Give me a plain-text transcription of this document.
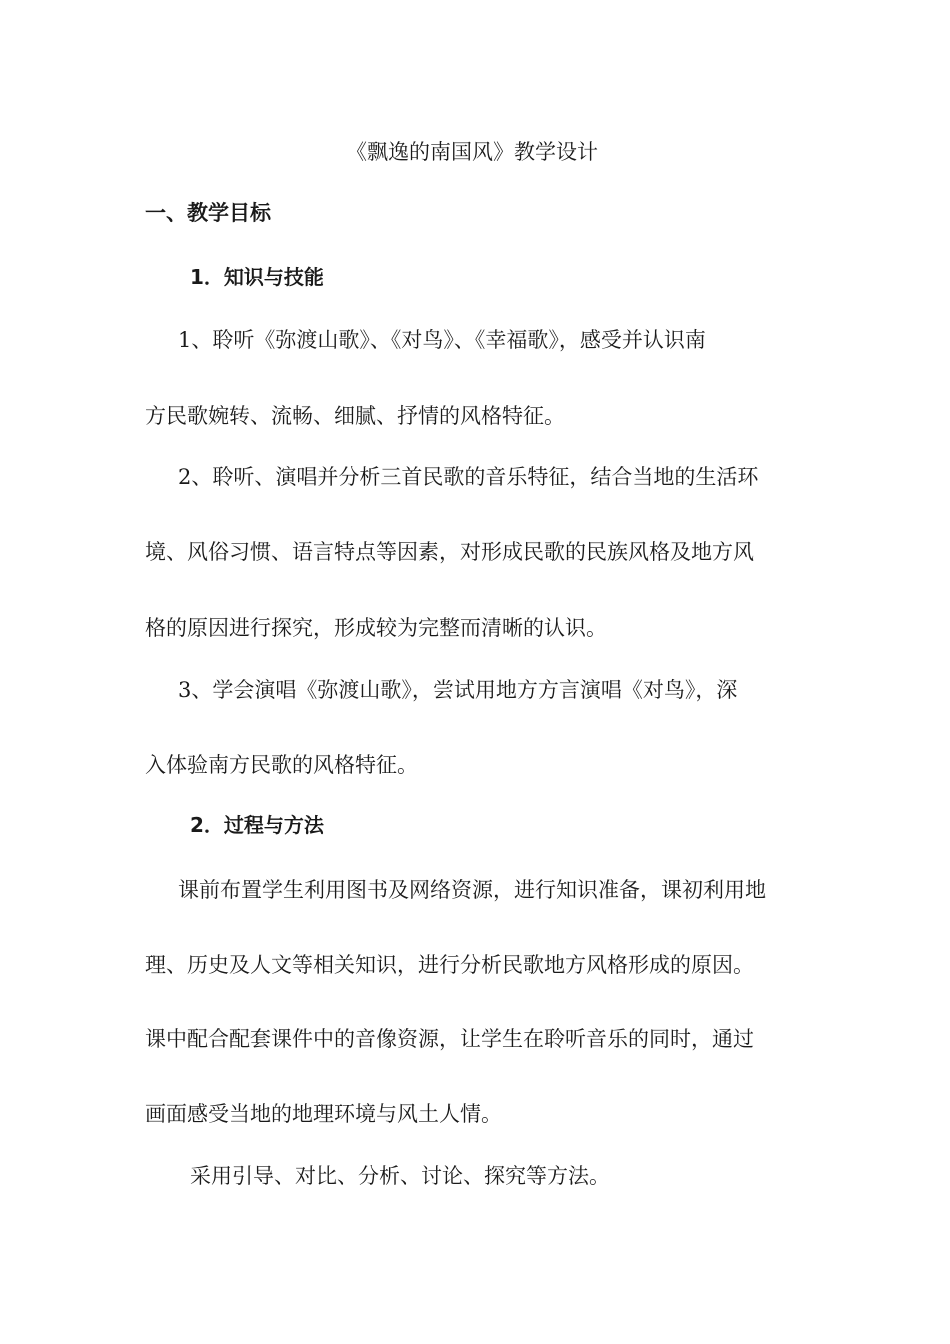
《飘逸的南国风》教学设计
一、教学目标
1．知识与技能
1、聆听《弥渡山歌》、《对鸟》、《幸福歌》，感受并认识南
方民歌婉转、流畅、细腻、抒情的风格特征。
2、聆听、演唱并分析三首民歌的音乐特征，结合当地的生活环
境、风俗习惯、语言特点等因素，对形成民歌的民族风格及地方风
格的原因进行探究，形成较为完整而清晰的认识。
3、学会演唱《弥渡山歌》，尝试用地方方言演唱《对鸟》，深
入体验南方民歌的风格特征。
2．过程与方法
课前布置学生利用图书及网络资源，进行知识准备，课初利用地
理、历史及人文等相关知识，进行分析民歌地方风格形成的原因。
课中配合配套课件中的音像资源，让学生在聆听音乐的同时，通过
画面感受当地的地理环境与风土人情。
采用引导、对比、分析、讨论、探究等方法。
